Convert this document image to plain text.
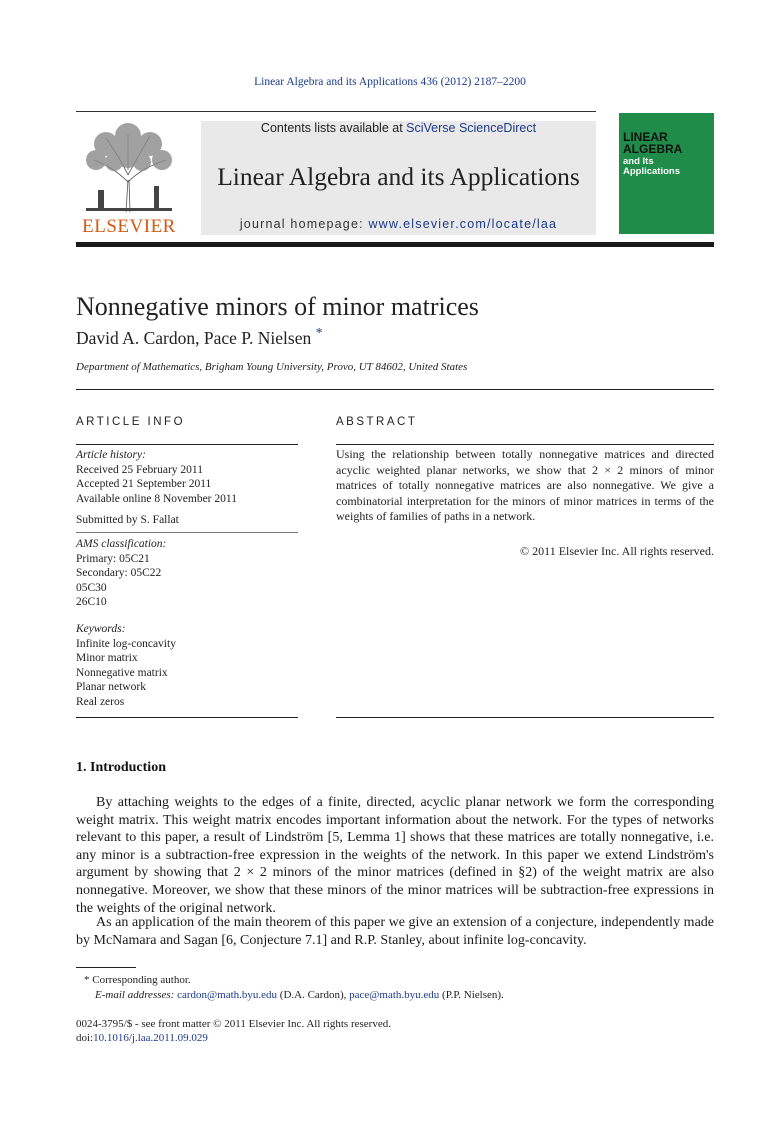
Linear Algebra and its Applications 436 (2012) 2187–2200
ELSEVIER
Contents lists available at SciVerse ScienceDirect
Linear Algebra and its Applications
journal homepage: www.elsevier.com/locate/laa
LINEAR
ALGEBRA
and Its
Applications
Nonnegative minors of minor matrices
David A. Cardon, Pace P. Nielsen *
Department of Mathematics, Brigham Young University, Provo, UT 84602, United States
ARTICLE INFO
Article history:
Received 25 February 2011
Accepted 21 September 2011
Available online 8 November 2011
Submitted by S. Fallat
AMS classification:
Primary: 05C21
Secondary: 05C22
05C30
26C10
Keywords:
Infinite log-concavity
Minor matrix
Nonnegative matrix
Planar network
Real zeros
ABSTRACT
Using the relationship between totally nonnegative matrices and directed acyclic weighted planar networks, we show that 2 × 2 minors of minor matrices of totally nonnegative matrices are also nonnegative. We give a combinatorial interpretation for the minors of minor matrices in terms of the weights of families of paths in a network.
© 2011 Elsevier Inc. All rights reserved.
1. Introduction
By attaching weights to the edges of a finite, directed, acyclic planar network we form the corresponding weight matrix. This weight matrix encodes important information about the network. For the types of networks relevant to this paper, a result of Lindström [5, Lemma 1] shows that these matrices are totally nonnegative, i.e. any minor is a subtraction-free expression in the weights of the network. In this paper we extend Lindström's argument by showing that 2 × 2 minors of the minor matrices (defined in §2) of the weight matrix are also nonnegative. Moreover, we show that these minors of the minor matrices will be subtraction-free expressions in the weights of the original network.
As an application of the main theorem of this paper we give an extension of a conjecture, independently made by McNamara and Sagan [6, Conjecture 7.1] and R.P. Stanley, about infinite log-concavity.
* Corresponding author.
E-mail addresses: cardon@math.byu.edu (D.A. Cardon), pace@math.byu.edu (P.P. Nielsen).
0024-3795/$ - see front matter © 2011 Elsevier Inc. All rights reserved.
doi:10.1016/j.laa.2011.09.029
